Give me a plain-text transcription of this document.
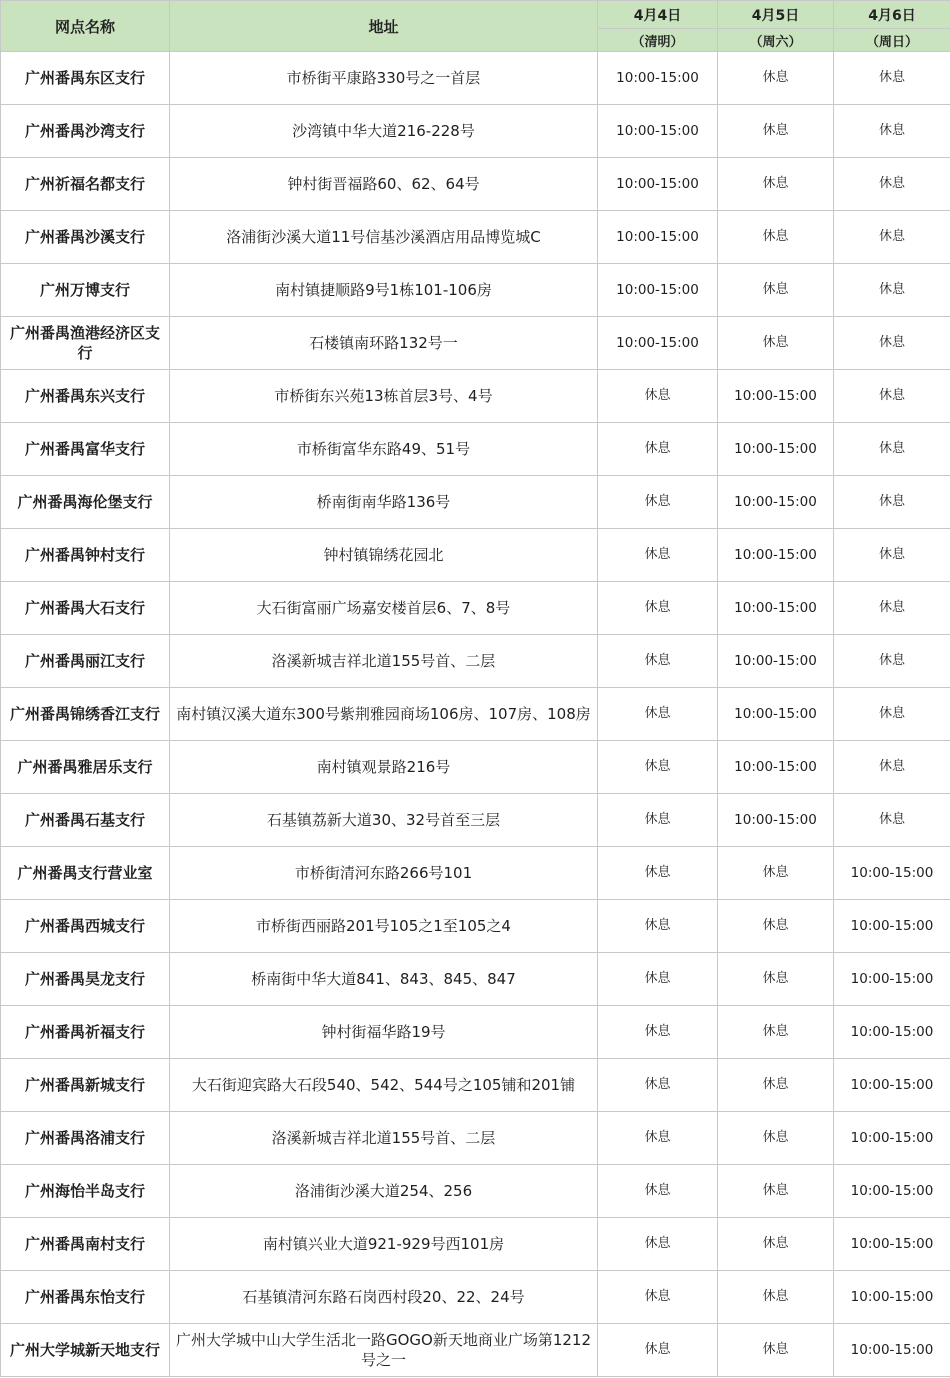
网点名称	地址	4月4日	4月5日	4月6日
		（清明）	（周六）	（周日）
广州番禺东区支行	市桥街平康路330号之一首层	10:00-15:00	休息	休息
广州番禺沙湾支行	沙湾镇中华大道216-228号	10:00-15:00	休息	休息
广州祈福名都支行	钟村街晋福路60、62、64号	10:00-15:00	休息	休息
广州番禺沙溪支行	洛浦街沙溪大道11号信基沙溪酒店用品博览城C	10:00-15:00	休息	休息
广州万博支行	南村镇捷顺路9号1栋101-106房	10:00-15:00	休息	休息
广州番禺渔港经济区支行	石楼镇南环路132号一	10:00-15:00	休息	休息
广州番禺东兴支行	市桥街东兴苑13栋首层3号、4号	休息	10:00-15:00	休息
广州番禺富华支行	市桥街富华东路49、51号	休息	10:00-15:00	休息
广州番禺海伦堡支行	桥南街南华路136号	休息	10:00-15:00	休息
广州番禺钟村支行	钟村镇锦绣花园北	休息	10:00-15:00	休息
广州番禺大石支行	大石街富丽广场嘉安楼首层6、7、8号	休息	10:00-15:00	休息
广州番禺丽江支行	洛溪新城吉祥北道155号首、二层	休息	10:00-15:00	休息
广州番禺锦绣香江支行	南村镇汉溪大道东300号紫荆雅园商场106房、107房、108房	休息	10:00-15:00	休息
广州番禺雅居乐支行	南村镇观景路216号	休息	10:00-15:00	休息
广州番禺石基支行	石基镇荔新大道30、32号首至三层	休息	10:00-15:00	休息
广州番禺支行营业室	市桥街清河东路266号101	休息	休息	10:00-15:00
广州番禺西城支行	市桥街西丽路201号105之1至105之4	休息	休息	10:00-15:00
广州番禺昊龙支行	桥南街中华大道841、843、845、847	休息	休息	10:00-15:00
广州番禺祈福支行	钟村街福华路19号	休息	休息	10:00-15:00
广州番禺新城支行	大石街迎宾路大石段540、542、544号之105铺和201铺	休息	休息	10:00-15:00
广州番禺洛浦支行	洛溪新城吉祥北道155号首、二层	休息	休息	10:00-15:00
广州海怡半岛支行	洛浦街沙溪大道254、256	休息	休息	10:00-15:00
广州番禺南村支行	南村镇兴业大道921-929号西101房	休息	休息	10:00-15:00
广州番禺东怡支行	石基镇清河东路石岗西村段20、22、24号	休息	休息	10:00-15:00
广州大学城新天地支行	广州大学城中山大学生活北一路GOGO新天地商业广场第1212号之一	休息	休息	10:00-15:00
